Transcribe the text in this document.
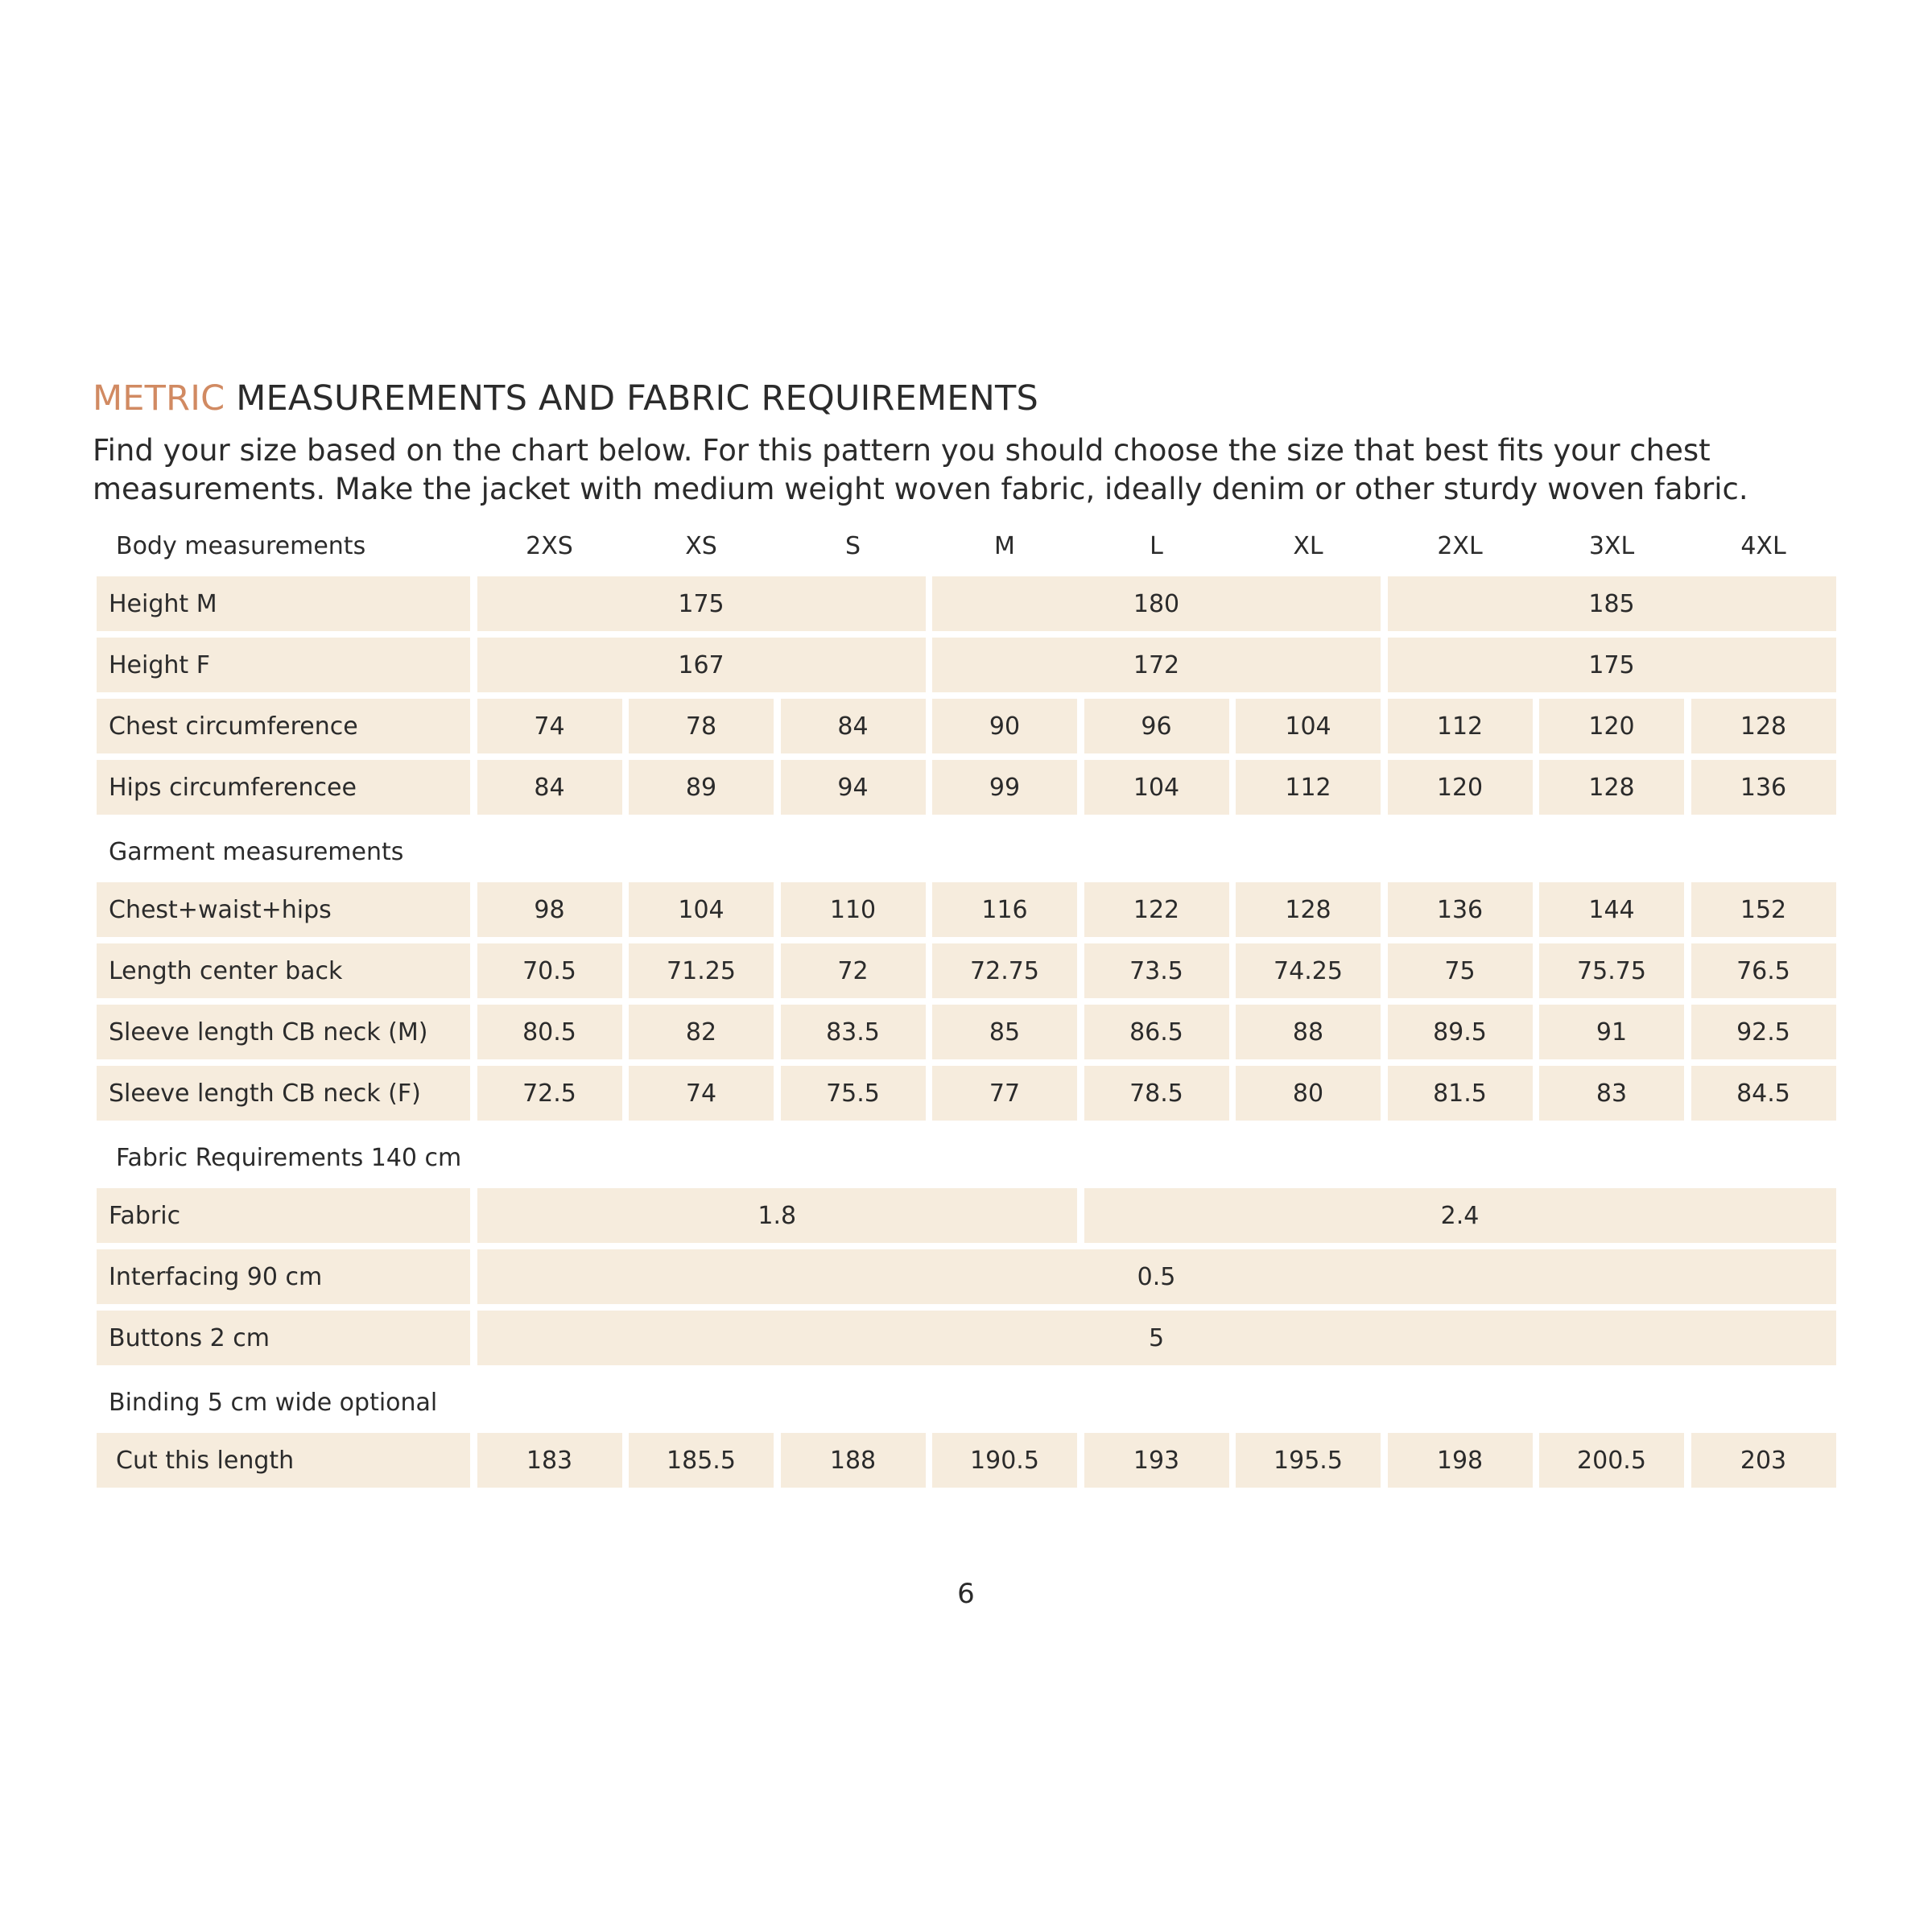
METRIC MEASUREMENTS AND FABRIC REQUIREMENTS

Find your size based on the chart below. For this pattern you should choose the size that best fits your chest
measurements. Make the jacket with medium weight woven fabric, ideally denim or other sturdy woven fabric.

Body measurements	2XS	XS	S	M	L	XL	2XL	3XL	4XL
Height M	175	180	185
Height F	167	172	175
Chest circumference	74	78	84	90	96	104	112	120	128
Hips circumferencee	84	89	94	99	104	112	120	128	136
Garment measurements
Chest+waist+hips	98	104	110	116	122	128	136	144	152
Length center back	70.5	71.25	72	72.75	73.5	74.25	75	75.75	76.5
Sleeve length CB neck (M)	80.5	82	83.5	85	86.5	88	89.5	91	92.5
Sleeve length CB neck (F)	72.5	74	75.5	77	78.5	80	81.5	83	84.5
Fabric Requirements 140 cm
Fabric	1.8	2.4
Interfacing 90 cm	0.5
Buttons 2 cm	5
Binding 5 cm wide optional
Cut this length	183	185.5	188	190.5	193	195.5	198	200.5	203
6
